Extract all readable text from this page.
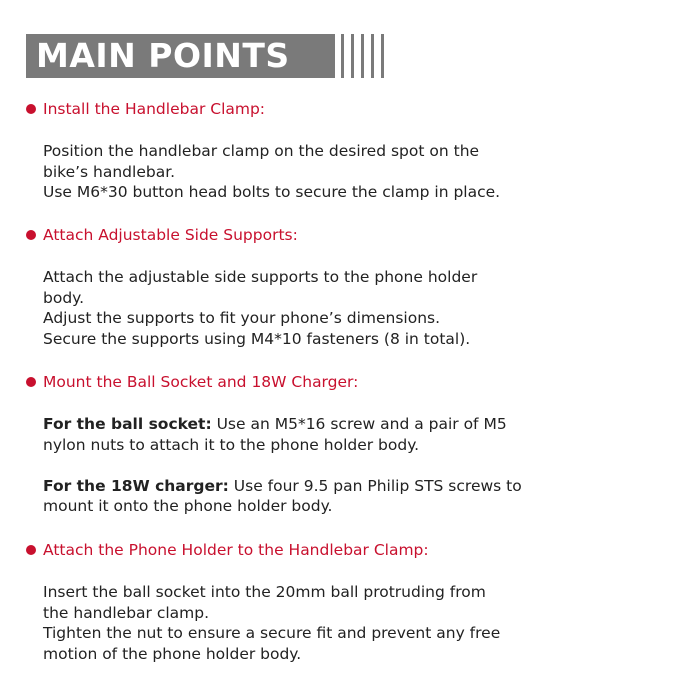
MAIN POINTS
Install the Handlebar Clamp:

Position the handlebar clamp on the desired spot on the

bike’s handlebar.

Use M6*30 button head bolts to secure the clamp in place.

Attach Adjustable Side Supports:

Attach the adjustable side supports to the phone holder

body.

Adjust the supports to fit your phone’s dimensions.

Secure the supports using M4*10 fasteners (8 in total).

Mount the Ball Socket and 18W Charger:

For the ball socket: Use an M5*16 screw and a pair of M5

nylon nuts to attach it to the phone holder body.

For the 18W charger: Use four 9.5 pan Philip STS screws to

mount it onto the phone holder body.

Attach the Phone Holder to the Handlebar Clamp:

Insert the ball socket into the 20mm ball protruding from

the handlebar clamp.

Tighten the nut to ensure a secure fit and prevent any free

motion of the phone holder body.
